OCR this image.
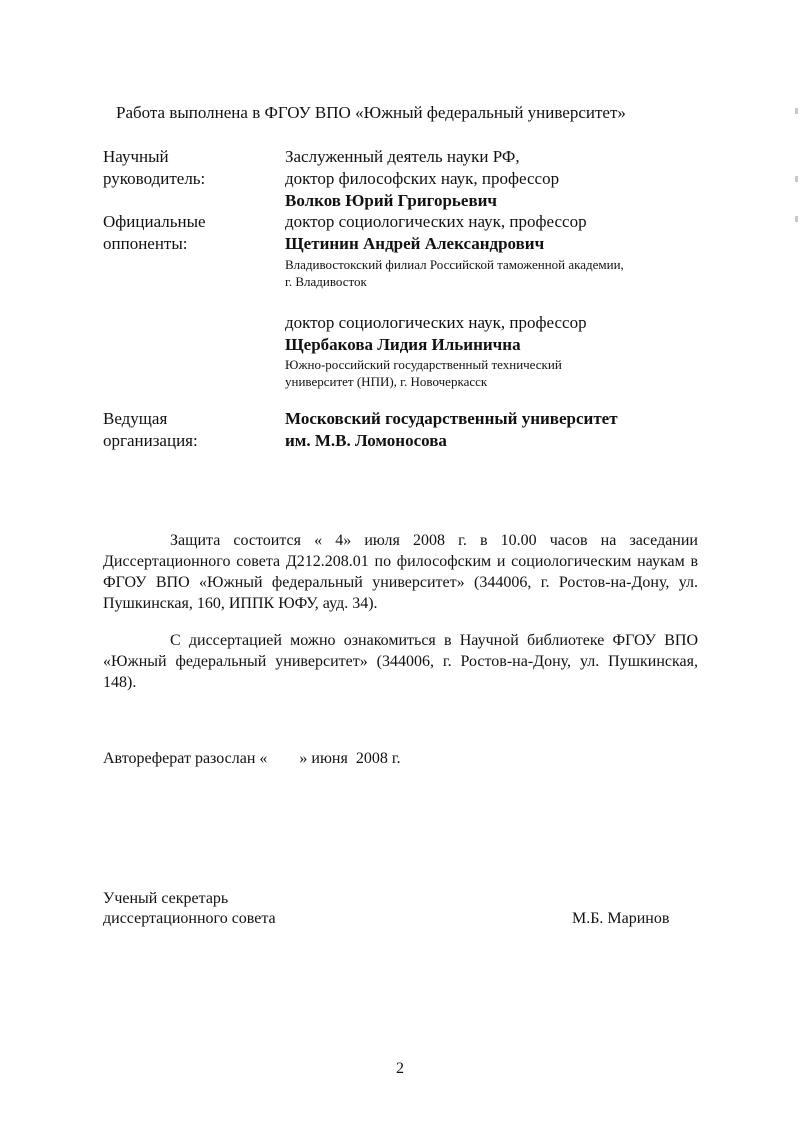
Работа выполнена в ФГОУ ВПО «Южный федеральный университет»
Научный
руководитель:
Заслуженный деятель науки РФ,
доктор философских наук, профессор
Волков Юрий Григорьевич
Официальные
оппоненты:
доктор социологических наук, профессор
Щетинин Андрей Александрович
Владивостокский филиал Российской таможенной академии,
г. Владивосток
доктор социологических наук, профессор
Щербакова Лидия Ильинична
Южно-российский государственный технический
университет (НПИ), г. Новочеркасск
Ведущая
организация:
Московский государственный университет
им. М.В. Ломоносова

Защита состоится « 4» июля 2008 г. в 10.00 часов на заседании Диссертационного совета Д212.208.01 по философским и социологическим наукам в ФГОУ ВПО «Южный федеральный университет» (344006, г. Ростов-на-Дону, ул. Пушкинская, 160, ИППК ЮФУ, ауд. 34).

С диссертацией можно ознакомиться в Научной библиотеке ФГОУ ВПО «Южный федеральный университет» (344006, г. Ростов-на-Дону, ул. Пушкинская, 148).

Автореферат разослан «        » июня  2008 г.
Ученый секретарь
диссертационного совета	М.Б. Маринов
2
